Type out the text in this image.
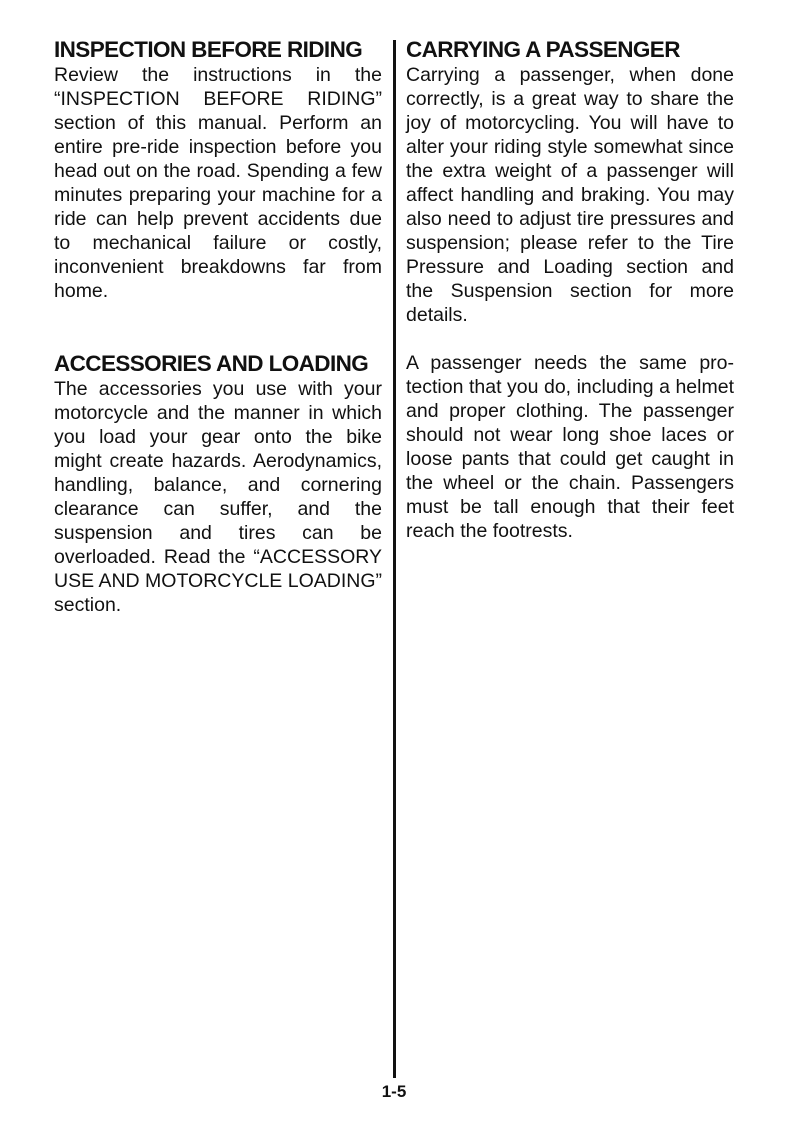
INSPECTION BEFORE RIDING

Review the instructions in the “INSPECTION BEFORE RIDING” section of this manual. Perform an entire pre-ride inspection before you head out on the road. Spending a few minutes preparing your machine for a ride can help prevent accidents due to mechanical failure or costly, inconvenient breakdowns far from home.

ACCESSORIES AND LOADING

The accessories you use with your motorcycle and the manner in which you load your gear onto the bike might create hazards. Aerodynamics, handling, balance, and cornering clearance can suffer, and the suspension and tires can be overloaded. Read the “ACCESSORY USE AND MOTORCYCLE LOADING” section.

CARRYING A PASSENGER

Carrying a passenger, when done correctly, is a great way to share the joy of motorcycling. You will have to alter your riding style somewhat since the extra weight of a passenger will affect handling and braking. You may also need to adjust tire pressures and suspension; please refer to the Tire Pressure and Loading section and the Suspension section for more details.

A passenger needs the same protection that you do, including a helmet and proper clothing. The passenger should not wear long shoe laces or loose pants that could get caught in the wheel or the chain. Passengers must be tall enough that their feet reach the footrests.

1-5
